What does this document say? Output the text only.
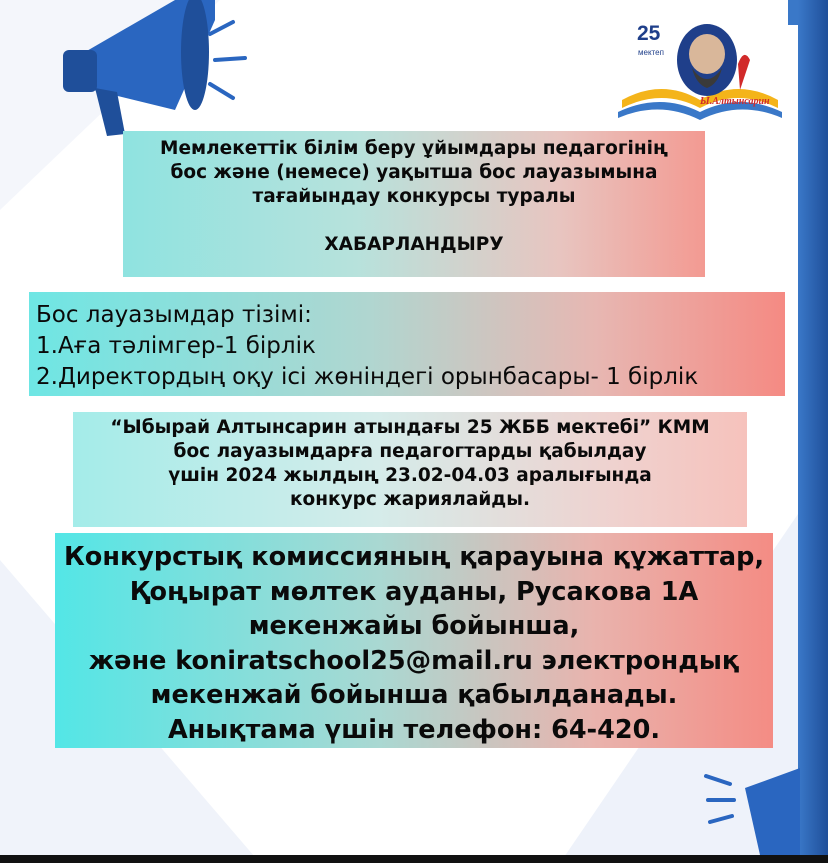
25
мектеп
Ы.Алтынсарин
Мемлекеттік білім беру ұйымдары педагогінің
бос және (немесе) уақытша бос лауазымына
тағайындау конкурсы туралы
ХАБАРЛАНДЫРУ
Бос лауазымдар тізімі:
1.Аға тәлімгер-1 бірлік
2.Директордың оқу ісі жөніндегі орынбасары- 1 бірлік
“Ыбырай Алтынсарин атындағы 25 ЖББ мектебі” КММ
бос лауазымдарға педагогтарды қабылдау
үшін 2024 жылдың 23.02-04.03 аралығында
конкурс жариялайды.
Конкурстық комиссияның қарауына құжаттар,
Қоңырат мөлтек ауданы, Русакова 1А
мекенжайы бойынша,
және koniratschool25@mail.ru электрондық
мекенжай бойынша қабылданады.
Анықтама үшін телефон: 64-420.
